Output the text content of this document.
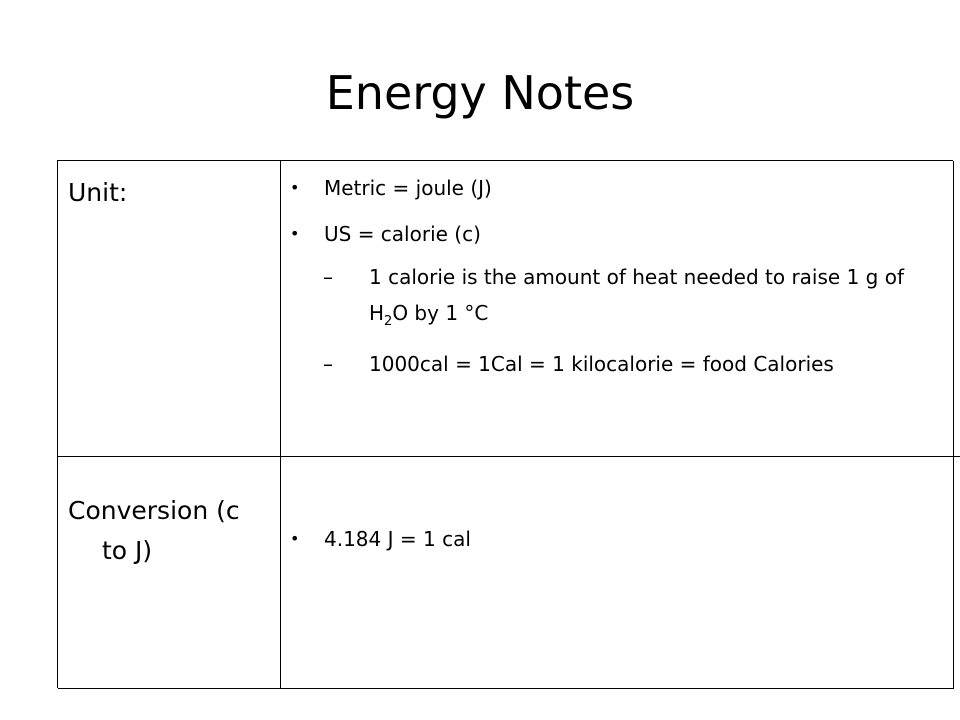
Energy Notes
Unit:	• Metric = joule (J)
• US = calorie (c)
– 1 calorie is the amount of heat needed to raise 1 g of $H_2O$ by 1 °C
– 1000cal = 1Cal = 1 kilocalorie = food Calories
Conversion (c
to J)	• 4.184 J = 1 cal
